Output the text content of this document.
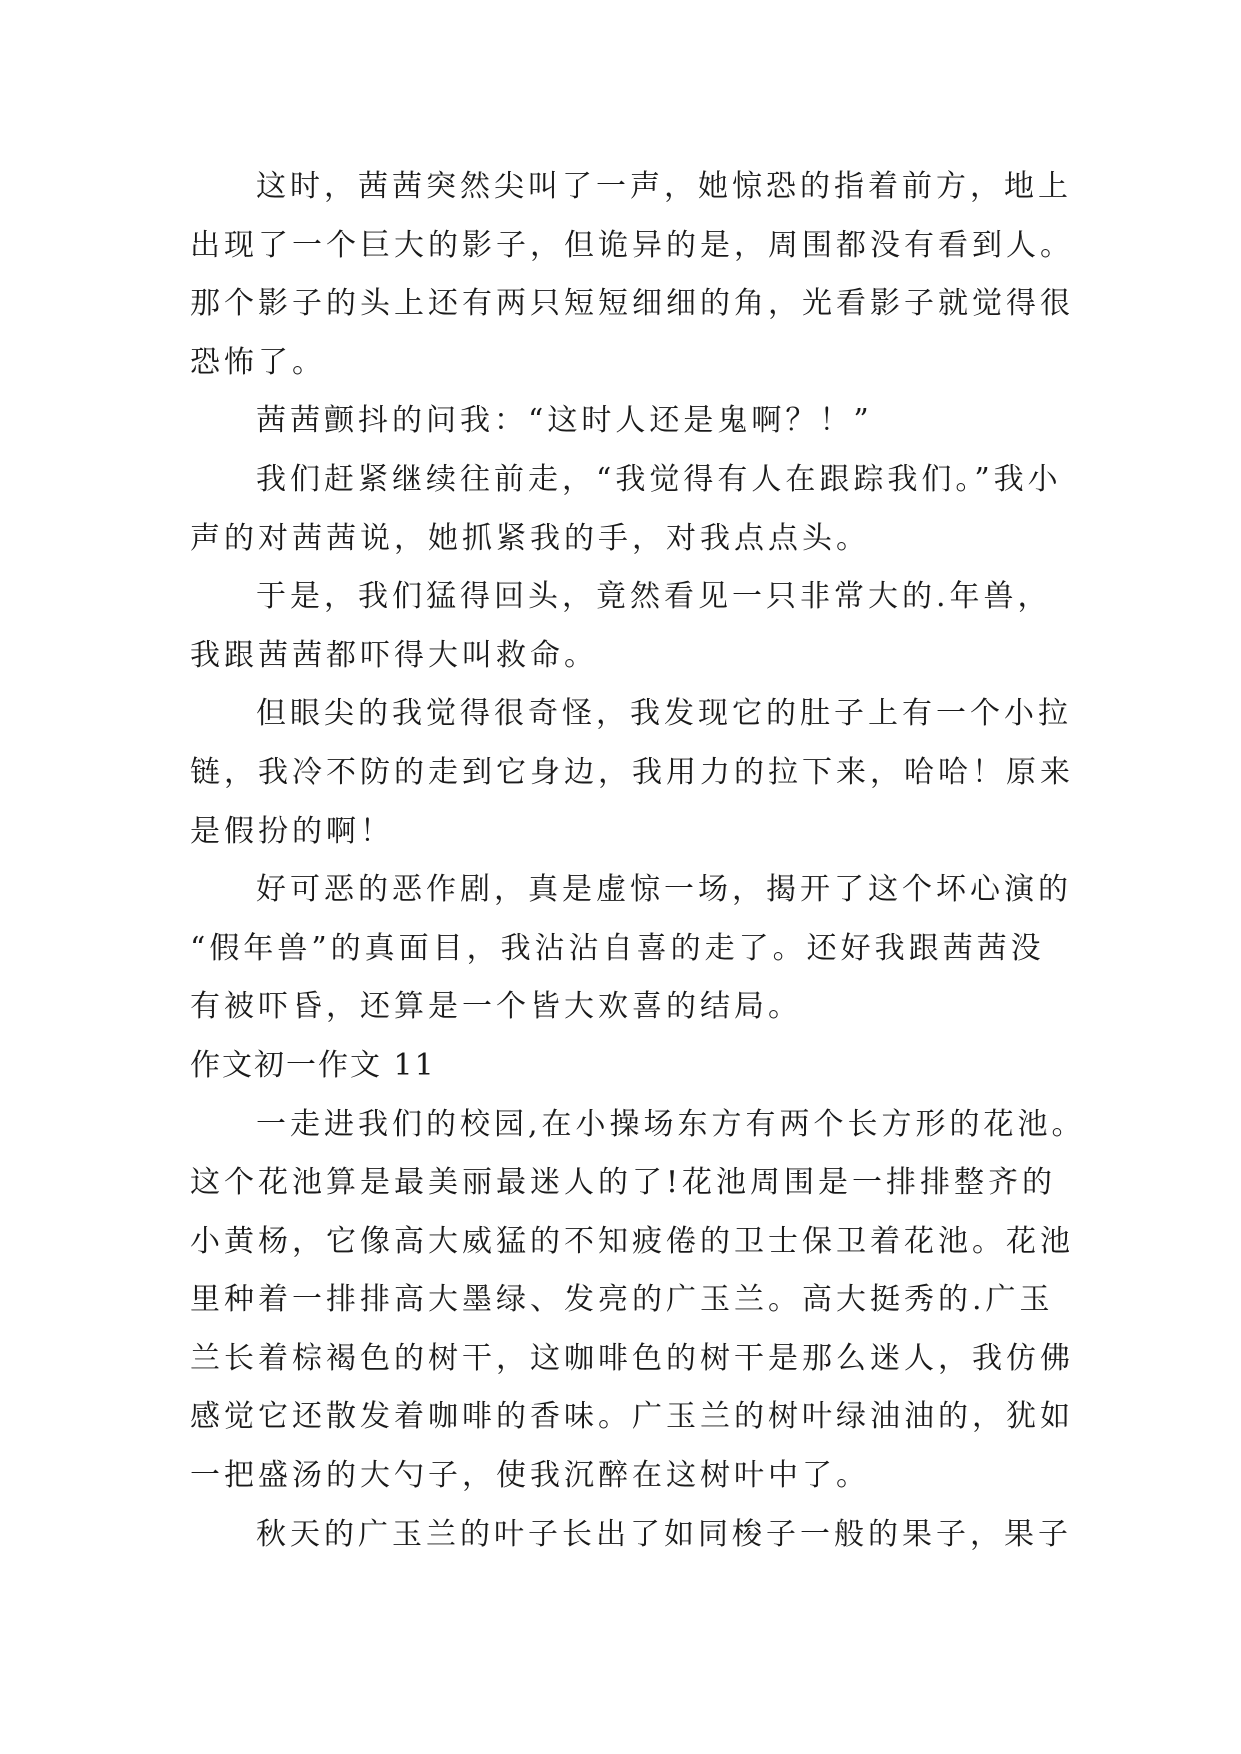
这时，茜茜突然尖叫了一声，她惊恐的指着前方，地上
出现了一个巨大的影子，但诡异的是，周围都没有看到人。
那个影子的头上还有两只短短细细的角，光看影子就觉得很
恐怖了。
茜茜颤抖的问我：“这时人还是鬼啊？！”
我们赶紧继续往前走，“我觉得有人在跟踪我们。”我小
声的对茜茜说，她抓紧我的手，对我点点头。
于是，我们猛得回头，竟然看见一只非常大的.年兽，
我跟茜茜都吓得大叫救命。
但眼尖的我觉得很奇怪，我发现它的肚子上有一个小拉
链，我冷不防的走到它身边，我用力的拉下来，哈哈！原来
是假扮的啊！
好可恶的恶作剧，真是虚惊一场，揭开了这个坏心演的
“假年兽”的真面目，我沾沾自喜的走了。还好我跟茜茜没
有被吓昏，还算是一个皆大欢喜的结局。
作文初一作文 11
一走进我们的校园,在小操场东方有两个长方形的花池。
这个花池算是最美丽最迷人的了!花池周围是一排排整齐的
小黄杨，它像高大威猛的不知疲倦的卫士保卫着花池。花池
里种着一排排高大墨绿、发亮的广玉兰。高大挺秀的.广玉
兰长着棕褐色的树干，这咖啡色的树干是那么迷人，我仿佛
感觉它还散发着咖啡的香味。广玉兰的树叶绿油油的，犹如
一把盛汤的大勺子，使我沉醉在这树叶中了。
秋天的广玉兰的叶子长出了如同梭子一般的果子，果子
